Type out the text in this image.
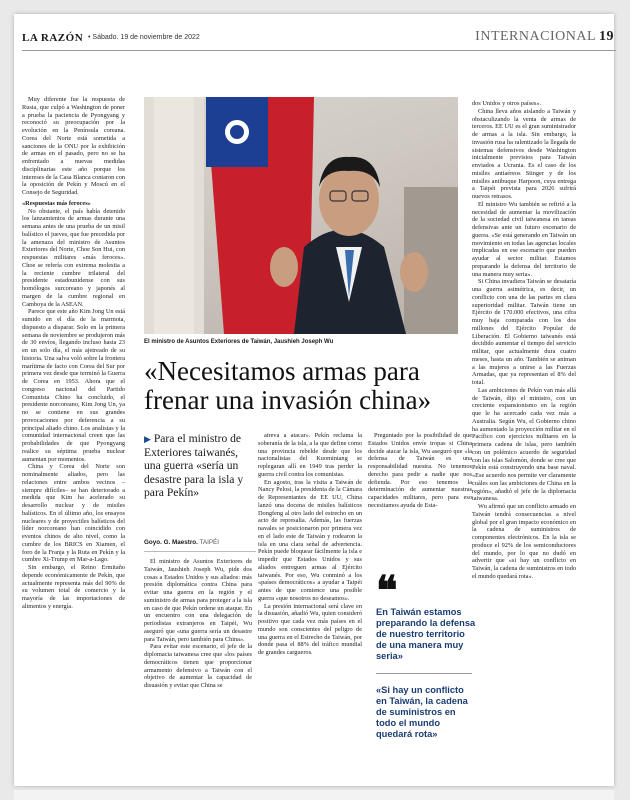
LA RAZÓN • Sábado. 19 de noviembre de 2022	INTERNACIONAL 19

Muy diferente fue la respuesta de Rusia, que culpó a Washington de poner a prueba la paciencia de Pyongyang y reconoció su preocupación por la evolución en la Península coreana. Corea del Norte está sometida a sanciones de la ONU por la exhibición de armas en el pasado, pero no se ha enfrentado a nuevas medidas disciplinarias este año porque los intereses de la Casa Blanca contaron con la oposición de Pekín y Moscú en el Consejo de Seguridad.

«Respuestas más feroces»

No obstante, el país había detenido los lanzamientos de armas durante una semana antes de una prueba de un misil balístico el jueves, que fue precedida por la amenaza del ministro de Asuntos Exteriores del Norte, Choe Son Hui, con respuestas militares «más feroces». Choe se refería con extrema molestia a la reciente cumbre trilateral del presidente estadounidense con sus homólogos surcoreano y japonés al margen de la cumbre regional en Camboya de la ASEAN.

Parece que este año Kim Jong Un está sumido en el día de la marmota, dispuesto a disparar. Solo en la primera semana de noviembre se produjeron más de 30 envíos, llegando incluso hasta 23 en un solo día, el más ajetreado de su historia. Una salva voló sobre la frontera marítima de facto con Corea del Sur por primera vez desde que terminó la Guerra de Corea en 1953. Ahora que el congreso nacional del Partido Comunista Chino ha concluido, el presidente norcoreano, Kim Jong Un, ya no se contiene en sus grandes provocaciones por deferencia a su principal aliado chino. Los analistas y la comunidad internacional creen que las probabilidades de que Pyongyang realice su séptima prueba nuclear aumentan por momentos.

China y Corea del Norte son nominalmente aliados, pero las relaciones entre ambos vecinos –siempre difíciles– se han deteriorado a medida que Kim ha acelerado su desarrollo nuclear y de misiles balísticos. En el último año, los ensayos nucleares y de proyectiles balísticos del líder norcoreano han coincidido con eventos chinos de alto nivel, como la cumbre de los BRICS en Xiamen, el foro de la Franja y la Ruta en Pekín y la cumbre Xi-Trump en Mar-a-Lago.

Sin embargo, el Reino Ermitaño depende económicamente de Pekín, que actualmente representa más del 90% de su volumen total de comercio y la mayoría de las importaciones de alimentos y energía.

El ministro de Asuntos Exteriores de Taiwán, Jaushieh Joseph Wu
«Necesitamos armas para frenar una invasión china»
▶ Para el ministro de Exteriores taiwanés, una guerra «sería un desastre para la isla y para Pekín»
Goyo. G. Maestro. TAIPÉI

El ministro de Asuntos Exteriores de Taiwán, Jaushieh Joseph Wu, pide dos cosas a Estados Unidos y sus aliados: más presión diplomática contra China para evitar una guerra en la región y el suministro de armas para proteger a la isla en caso de que Pekín ordene un ataque. En un encuentro con una delegación de periodistas extranjeros en Taipéi, Wu aseguró que «una guerra sería un desastre para Taiwán, pero también para China».

Para evitar este escenario, el jefe de la diplomacia taiwanesa cree que «los países democráticos tienen que proporcionar armamento defensivo a Taiwán con el objetivo de aumentar la capacidad de disuasión y evitar que China se

atreva a atacar». Pekín reclama la soberanía de la isla, a la que define como una provincia rebelde desde que los nacionalistas del Kuomintang se replegaran allí en 1949 tras perder la guerra civil contra los comunistas.

En agosto, tras la visita a Taiwán de Nancy Pelosi, la presidenta de la Cámara de Representantes de EE UU, China lanzó una docena de misiles balísticos Dongfeng al otro lado del estrecho en un acto de represalia. Además, las fuerzas navales se posicionaron por primera vez en el lado este de Taiwán y rodearon la isla en una clara señal de advertencia. Pekín puede bloquear fácilmente la isla e impedir que Estados Unidos y sus aliados entreguen armas al Ejército taiwanés. Por eso, Wu conminó a los «países democráticos» a ayudar a Taipéi antes de que comience una posible guerra «que nosotros no deseamos».

La presión internacional será clave en la disuasión, añadió Wu, quien consideró positivo que cada vez más países en el mundo son conscientes del peligro de una guerra en el Estrecho de Taiwán, por donde pasa el 88% del tráfico mundial de grandes cargueros.

Preguntado por la posibilidad de que Estados Unidos envíe tropas si China decide atacar la isla, Wu aseguró que «la defensa de Taiwán es una responsabilidad nuestra. No tenemos derecho para pedir a nadie que nos defienda. Por eso tenemos la determinación de aumentar nuestras capacidades militares, pero para eso necesitamos ayuda de Esta-

❝
En Taiwán estamos preparando la defensa de nuestro territorio de una manera muy seria»
«Si hay un conflicto en Taiwán, la cadena de suministros en todo el mundo quedará rota»

dos Unidos y otros países».

China lleva años aislando a Taiwán y obstaculizando la venta de armas de terceros. EE UU es el gran suministrador de armas a la isla. Sin embargo, la invasión rusa ha ralentizado la llegada de sistemas defensivos desde Washington inicialmente previstos para Taiwán enviados a Ucrania. Es el caso de los misiles antiaéreos Stinger y de los misiles antibuque Harpoon, cuya entrega a Taipéi prevista para 2026 sufrirá nuevos retrasos.

El ministro Wu también se refirió a la necesidad de aumentar la movilización de la sociedad civil taiwanesa en tareas defensivas ante un futuro escenario de guerra. «Se está generando en Taiwán un movimiento en todas las agencias locales implicadas en ese escenario que pueden ayudar al sector militar. Estamos preparando la defensa del territorio de una manera muy seria».

Si China invadiera Taiwán se desataría una guerra asimétrica, es decir, un conflicto con una de las partes en clara superioridad militar. Taiwán tiene un Ejército de 170.000 efectivos, una cifra muy baja comparada con los dos millones del Ejército Popular de Liberación. El Gobierno taiwanés está decidido aumentar el tiempo del servicio militar, que actualmente dura cuatro meses, hasta un año. También se animan a las mujeres a unirse a las Fuerzas Armadas, que ya representan el 8% del total.

Las ambiciones de Pekín van más allá de Taiwán, dijo el ministro, con un creciente expansionismo en la región que le ha acercado cada vez más a Australia. Según Wu, el Gobierno chino ha aumentado la proyección militar en el Pacífico con ejercicios militares en la primera cadena de islas, pero también con un polémico acuerdo de seguridad con las islas Salomón, donde se cree que Pekín está construyendo una base naval. «Ese acuerdo nos permite ver claramente cuáles son las ambiciones de China en la región», añadió el jefe de la diplomacia taiwanesa.

Wu afirmó que un conflicto armado en Taiwán tendrá consecuencias a nivel global por el gran impacto económico en la cadena de suministros de componentes electrónicos. En la isla se produce el 92% de los semiconductores del mundo, por lo que no dudó en advertir que «si hay un conflicto en Taiwán, la cadena de suministros en todo el mundo quedará rota».
